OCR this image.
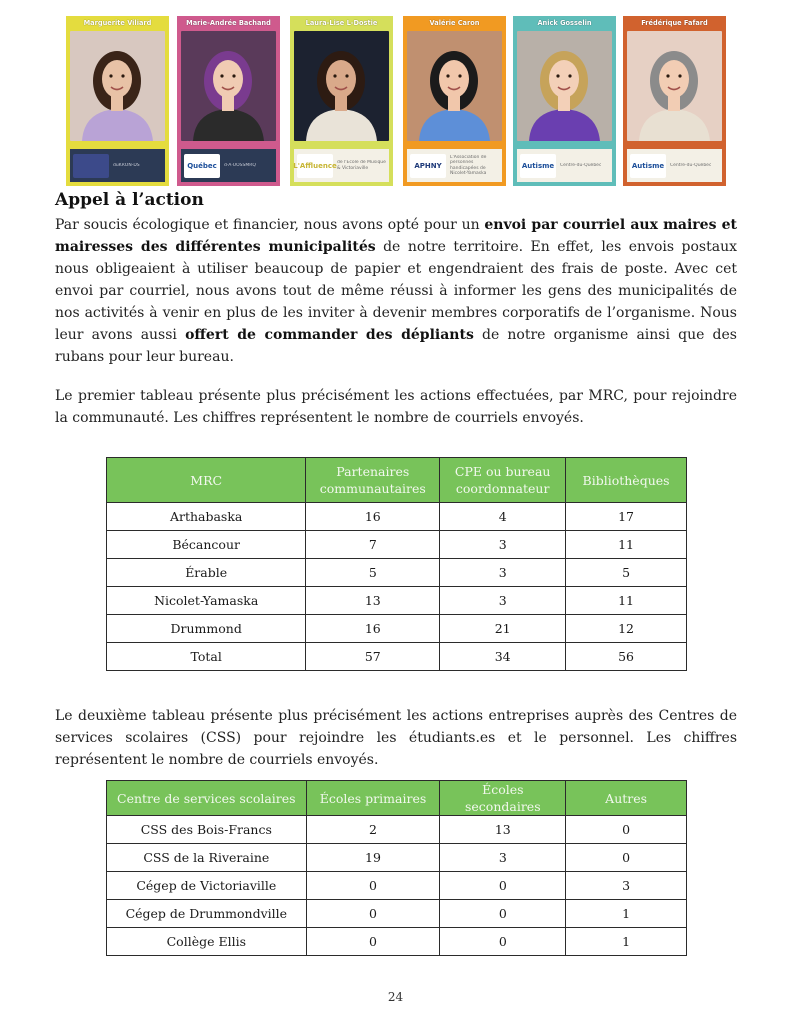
Marguerite Viliard
duKRON-DS
Marie-Andrée Bachand
Québec	d·A·UOSSMRQ
Laura-Lise L-Dostie
L'Affluence de l'École de Musique & Victoriaville
Valérie Caron
APHNY
L'Association de personnes handicapées de Nicolet-Yamaska
Anick Gosselin
Autisme	Centre-du-Québec
Frédérique Fafard
Autisme	Centre-du-Québec
Appel à l’action

Par soucis écologique et financier, nous avons opté pour un envoi par courriel aux maires et mairesses des différentes municipalités de notre territoire. En effet, les envois postaux nous obligeaient à utiliser beaucoup de papier et engendraient des frais de poste. Avec cet envoi par courriel, nous avons tout de même réussi à informer les gens des municipalités de nos activités à venir en plus de les inviter à devenir membres corporatifs de l’organisme. Nous leur avons aussi offert de commander des dépliants de notre organisme ainsi que des rubans pour leur bureau.

Le premier tableau présente plus précisément les actions effectuées, par MRC, pour rejoindre la communauté. Les chiffres représentent le nombre de courriels envoyés.

MRC	Partenaires communautaires	CPE ou bureau coordonnateur	Bibliothèques
Arthabaska	16	4	17
Bécancour	7	3	11
Érable	5	3	5
Nicolet-Yamaska	13	3	11
Drummond	16	21	12
Total	57	34	56

Le deuxième tableau présente plus précisément les actions entreprises auprès des Centres de services scolaires (CSS) pour rejoindre les étudiants.es et le personnel. Les chiffres représentent le nombre de courriels envoyés.

Centre de services scolaires	Écoles primaires	Écoles secondaires	Autres
CSS des Bois-Francs	2	13	0
CSS de la Riveraine	19	3	0
Cégep de Victoriaville	0	0	3
Cégep de Drummondville	0	0	1
Collège Ellis	0	0	1
24
